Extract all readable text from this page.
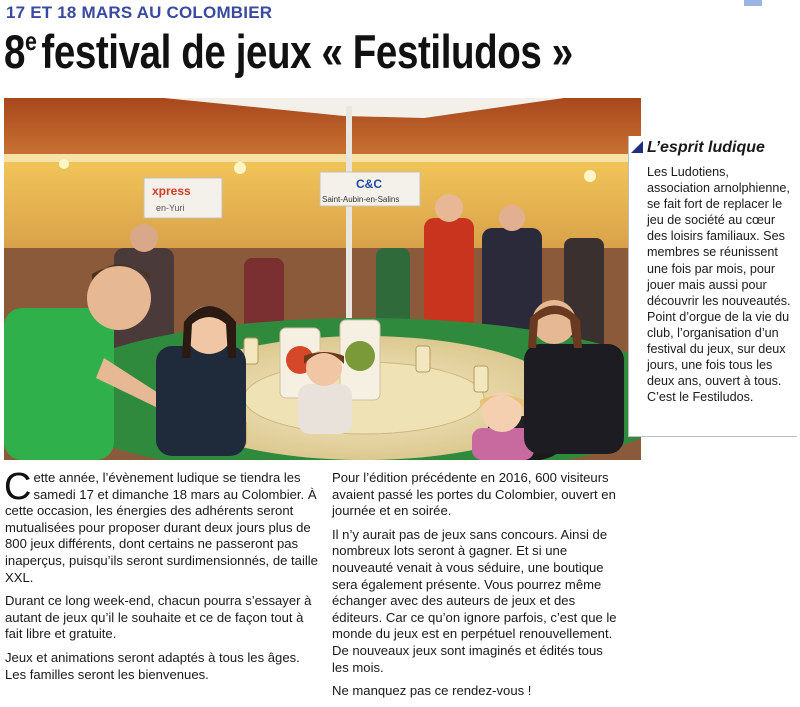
17 ET 18 MARS AU COLOMBIER
8e festival de jeux « Festiludos »
xpress
en-Yuri
C&C
Saint-Aubin-en-Salins
L’esprit ludique
Les Ludotiens, association arnolphienne, se fait fort de replacer le jeu de société au cœur des loisirs familiaux. Ses membres se réunissent une fois par mois, pour jouer mais aussi pour découvrir les nouveautés. Point d’orgue de la vie du club, l’organisation d’un festival du jeux, sur deux jours, une fois tous les deux ans, ouvert à tous. C’est le Festiludos.

Cette année, l’évènement ludique se tiendra les samedi 17 et dimanche 18 mars au Colombier. À cette occasion, les énergies des adhérents seront mutualisées pour proposer durant deux jours plus de 800 jeux différents, dont certains ne passeront pas inaperçus, puisqu’ils seront surdimensionnés, de taille XXL.

Durant ce long week-end, chacun pourra s’essayer à autant de jeux qu’il le souhaite et ce de façon tout à fait libre et gratuite.

Jeux et animations seront adaptés à tous les âges. Les familles seront les bienvenues.

Pour l’édition précédente en 2016, 600 visiteurs avaient passé les portes du Colombier, ouvert en journée et en soirée.

Il n’y aurait pas de jeux sans concours. Ainsi de nombreux lots seront à gagner. Et si une nouveauté venait à vous séduire, une boutique sera également présente. Vous pourrez même échanger avec des auteurs de jeux et des éditeurs. Car ce qu’on ignore parfois, c’est que le monde du jeux est en perpétuel renouvellement. De nouveaux jeux sont imaginés et édités tous les mois.

Ne manquez pas ce rendez-vous !
